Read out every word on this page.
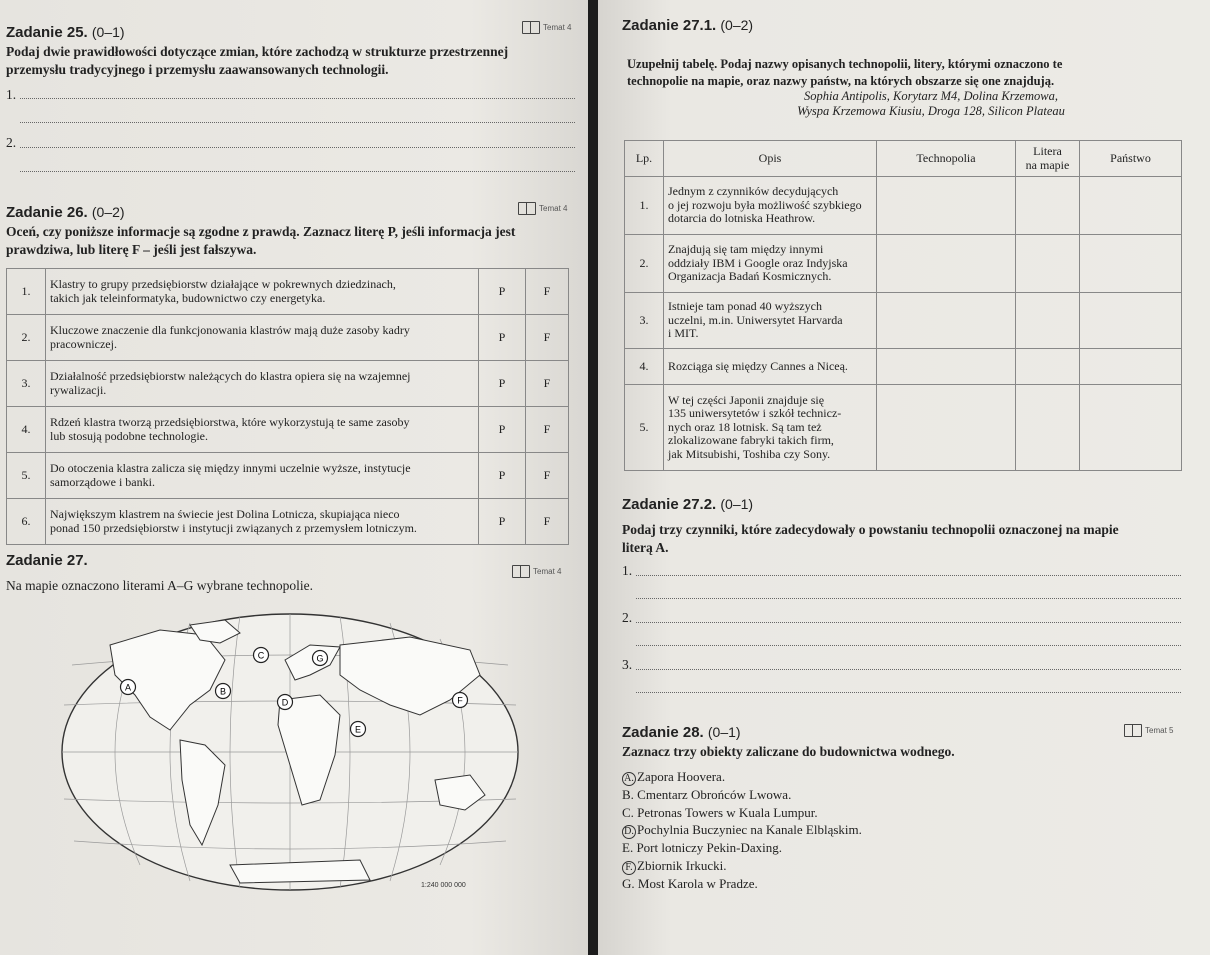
Zadanie 25. (0–1)	Temat 4
Podaj dwie prawidłowości dotyczące zmian, które zachodzą w strukturze przestrzennej
przemysłu tradycyjnego i przemysłu zaawansowanych technologii.
1.
2.
Zadanie 26. (0–2)	Temat 4
Oceń, czy poniższe informacje są zgodne z prawdą. Zaznacz literę P, jeśli informacja jest
prawdziwa, lub literę F – jeśli jest fałszywa.
1.	Klastry to grupy przedsiębiorstw działające w pokrewnych dziedzinach,
takich jak teleinformatyka, budownictwo czy energetyka.	P	F
2.	Kluczowe znaczenie dla funkcjonowania klastrów mają duże zasoby kadry
pracowniczej.	P	F
3.	Działalność przedsiębiorstw należących do klastra opiera się na wzajemnej
rywalizacji.	P	F
4.	Rdzeń klastra tworzą przedsiębiorstwa, które wykorzystują te same zasoby
lub stosują podobne technologie.	P	F
5.	Do otoczenia klastra zalicza się między innymi uczelnie wyższe, instytucje
samorządowe i banki.	P	F
6.	Największym klastrem na świecie jest Dolina Lotnicza, skupiająca nieco
ponad 150 przedsiębiorstw i instytucji związanych z przemysłem lotniczym.	P	F
Zadanie 27.
Temat 4
Na mapie oznaczono literami A–G wybrane technopolie.
A	B
C
D
E
F
G
1:240 000 000
Zadanie 27.1. (0–2)
Uzupełnij tabelę. Podaj nazwy opisanych technopolii, litery, którymi oznaczono te
technopolie na mapie, oraz nazwy państw, na których obszarze się one znajdują.
Sophia Antipolis, Korytarz M4, Dolina Krzemowa,
Wyspa Krzemowa Kiusiu, Droga 128, Silicon Plateau
Lp.	Opis	Technopolia	Litera
na mapie	Państwo
1.	Jednym z czynników decydujących
o jej rozwoju była możliwość szybkiego
dotarcia do lotniska Heathrow.			

2.	Znajdują się tam między innymi
oddziały IBM i Google oraz Indyjska
Organizacja Badań Kosmicznych.			

3.	Istnieje tam ponad 40 wyższych
uczelni, m.in. Uniwersytet Harvarda
i MIT.			

4.	Rozciąga się między Cannes a Niceą.			

5.	W tej części Japonii znajduje się
135 uniwersytetów i szkół technicz-
nych oraz 18 lotnisk. Są tam też
zlokalizowane fabryki takich firm,
jak Mitsubishi, Toshiba czy Sony.			

Zadanie 27.2. (0–1)
Podaj trzy czynniki, które zadecydowały o powstaniu technopolii oznaczonej na mapie
literą A.
1.
2.
3.
Zadanie 28. (0–1)	Temat 5
Zaznacz trzy obiekty zaliczane do budownictwa wodnego.
A. Zapora Hoovera.
B. Cmentarz Obrońców Lwowa.
C. Petronas Towers w Kuala Lumpur.
D. Pochylnia Buczyniec na Kanale Elbląskim.
E. Port lotniczy Pekin-Daxing.
F. Zbiornik Irkucki.
G. Most Karola w Pradze.
